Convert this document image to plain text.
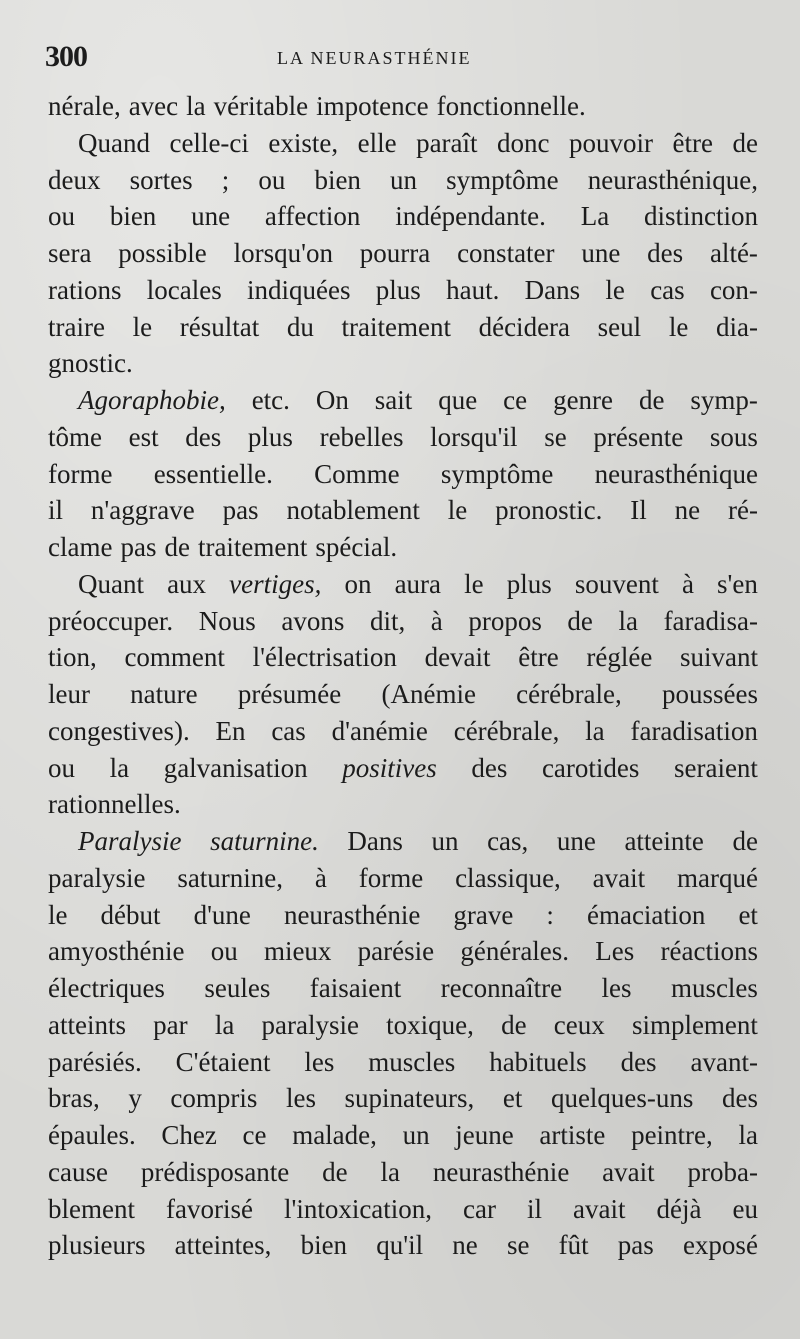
300	LA NEURASTHÉNIE
nérale, avec la véritable impotence fonctionnelle.
Quand celle-ci existe, elle paraît donc pouvoir être de
deux sortes ; ou bien un symptôme neurasthénique,
ou bien une affection indépendante. La distinction
sera possible lorsqu'on pourra constater une des alté-
rations locales indiquées plus haut. Dans le cas con-
traire le résultat du traitement décidera seul le dia-
gnostic.
Agoraphobie, etc. On sait que ce genre de symp-
tôme est des plus rebelles lorsqu'il se présente sous
forme essentielle. Comme symptôme neurasthénique
il n'aggrave pas notablement le pronostic. Il ne ré-
clame pas de traitement spécial.
Quant aux vertiges, on aura le plus souvent à s'en
préoccuper. Nous avons dit, à propos de la faradisa-
tion, comment l'électrisation devait être réglée suivant
leur nature présumée (Anémie cérébrale, poussées
congestives). En cas d'anémie cérébrale, la faradisation
ou la galvanisation positives des carotides seraient
rationnelles.
Paralysie saturnine. Dans un cas, une atteinte de
paralysie saturnine, à forme classique, avait marqué
le début d'une neurasthénie grave : émaciation et
amyosthénie ou mieux parésie générales. Les réactions
électriques seules faisaient reconnaître les muscles
atteints par la paralysie toxique, de ceux simplement
parésiés. C'étaient les muscles habituels des avant-
bras, y compris les supinateurs, et quelques-uns des
épaules. Chez ce malade, un jeune artiste peintre, la
cause prédisposante de la neurasthénie avait proba-
blement favorisé l'intoxication, car il avait déjà eu
plusieurs atteintes, bien qu'il ne se fût pas exposé
